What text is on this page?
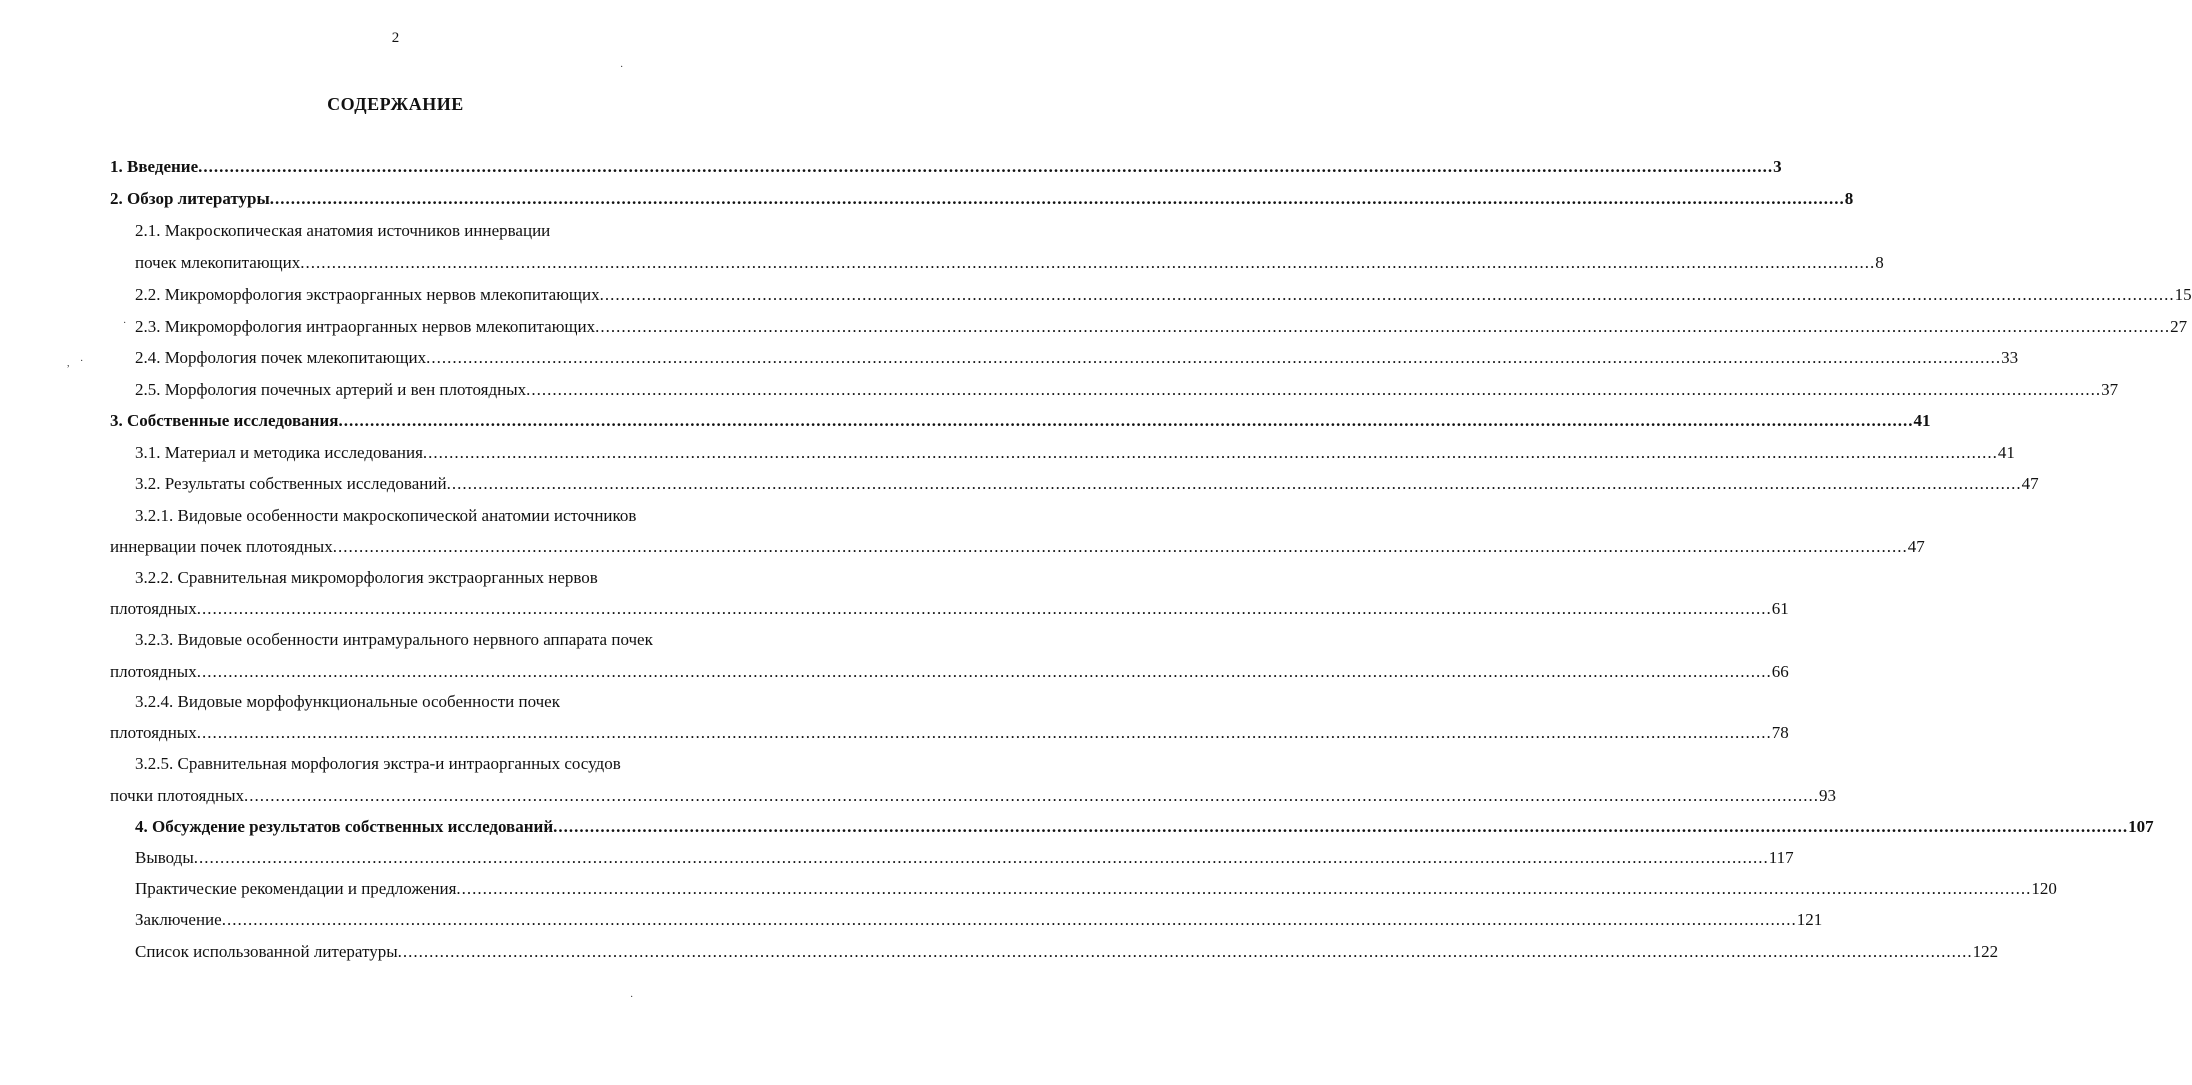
2
СОДЕРЖАНИЕ
1. Введение ............................................................................................................................................................................................................................................................................................................ 3
2. Обзор литературы ............................................................................................................................................................................................................................................................................................................ 8
2.1. Макроскопическая анатомия источников иннервации
почек млекопитающих ............................................................................................................................................................................................................................................................................................................ 8
2.2. Микроморфология экстраорганных нервов млекопитающих ............................................................................................................................................................................................................................................................................................................ 15
2.3. Микроморфология интраорганных нервов млекопитающих ............................................................................................................................................................................................................................................................................................................ 27
2.4. Морфология почек млекопитающих ............................................................................................................................................................................................................................................................................................................ 33
2.5. Морфология почечных артерий и вен плотоядных ............................................................................................................................................................................................................................................................................................................ 37
3. Собственные исследования ............................................................................................................................................................................................................................................................................................................ 41
3.1. Материал и методика исследования ............................................................................................................................................................................................................................................................................................................ 41
3.2. Результаты собственных исследований ............................................................................................................................................................................................................................................................................................................ 47
3.2.1. Видовые особенности макроскопической анатомии источников
иннервации почек плотоядных ............................................................................................................................................................................................................................................................................................................ 47
3.2.2. Сравнительная микроморфология экстраорганных нервов
плотоядных ............................................................................................................................................................................................................................................................................................................ 61
3.2.3. Видовые особенности интрамурального нервного аппарата почек
плотоядных ............................................................................................................................................................................................................................................................................................................ 66
3.2.4. Видовые морфофункциональные особенности почек
плотоядных ............................................................................................................................................................................................................................................................................................................ 78
3.2.5. Сравнительная морфология экстра-и интраорганных сосудов
почки плотоядных ............................................................................................................................................................................................................................................................................................................ 93
4. Обсуждение результатов собственных исследований ............................................................................................................................................................................................................................................................................................................ 107
Выводы ............................................................................................................................................................................................................................................................................................................ 117
Практические рекомендации и предложения ............................................................................................................................................................................................................................................................................................................ 120
Заключение ............................................................................................................................................................................................................................................................................................................ 121
Список использованной литературы ............................................................................................................................................................................................................................................................................................................ 122
·
, ·
·
·
